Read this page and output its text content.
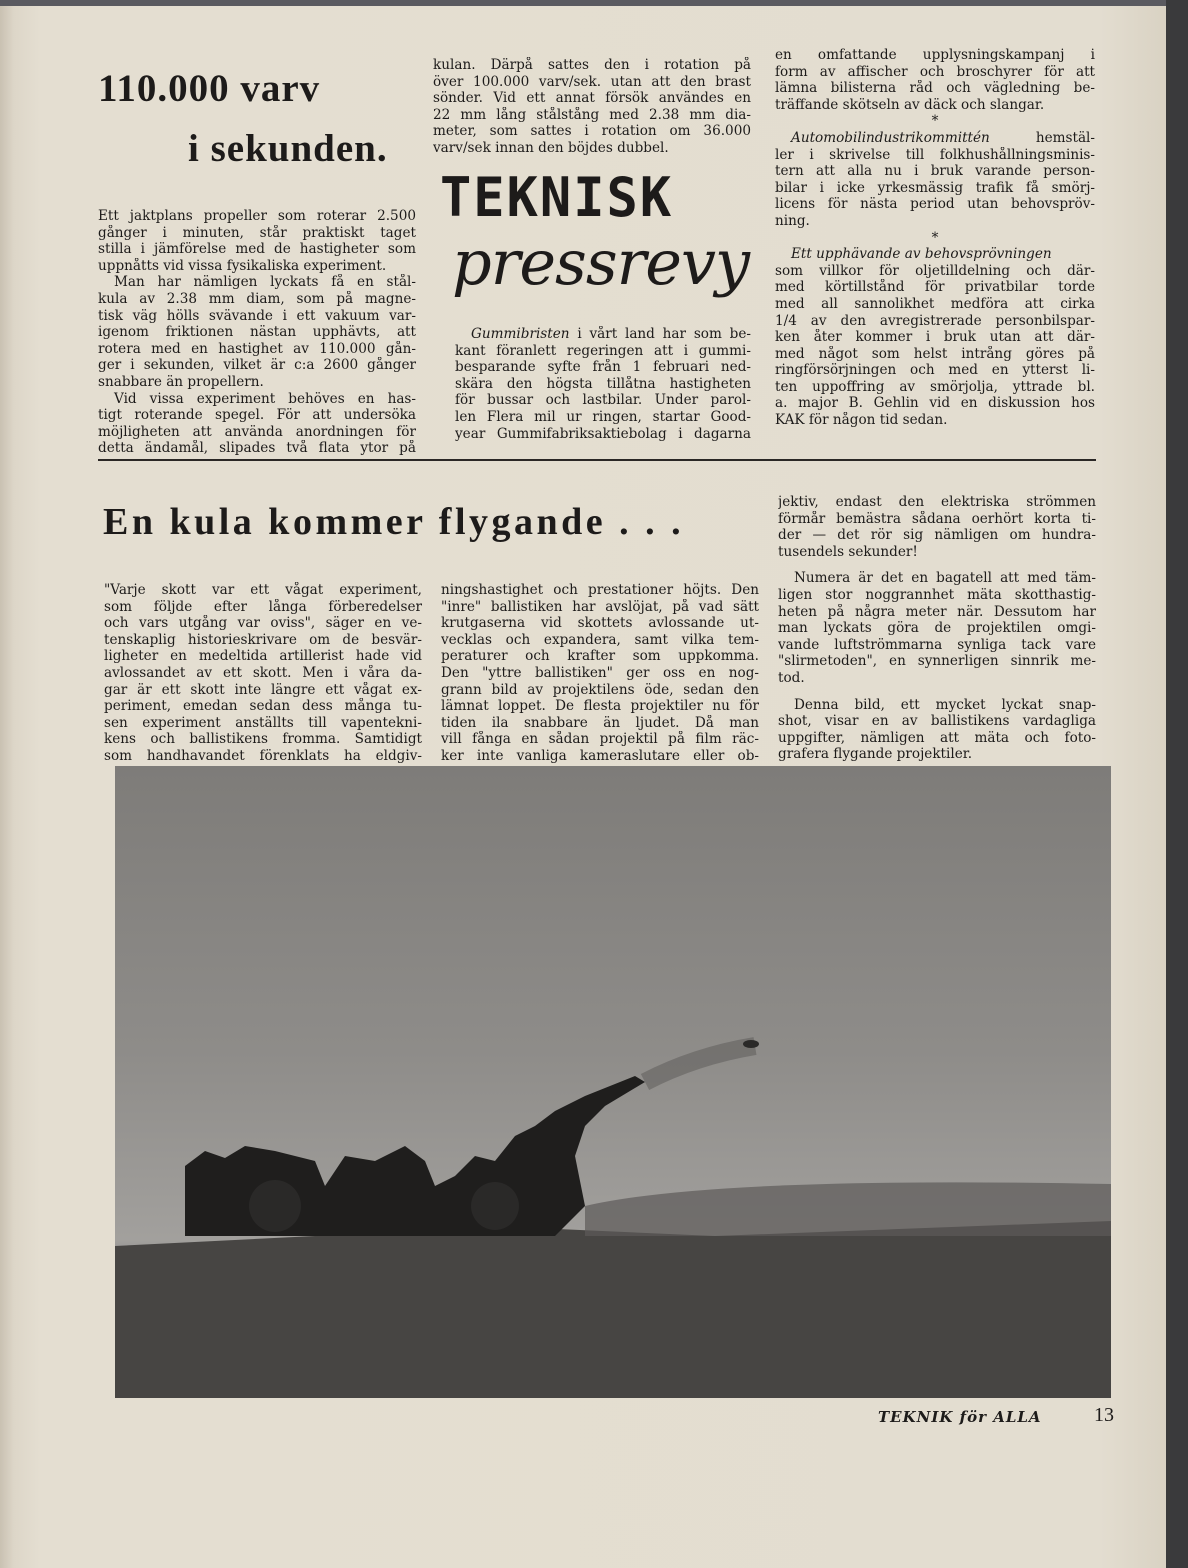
110.000 varv
i sekunden.
Ett jaktplans propeller som roterar 2.500
gånger i minuten, står praktiskt taget
stilla i jämförelse med de hastigheter som
uppnåtts vid vissa fysikaliska experiment.
Man har nämligen lyckats få en stål-
kula av 2.38 mm diam, som på magne-
tisk väg hölls svävande i ett vakuum var-
igenom friktionen nästan upphävts, att
rotera med en hastighet av 110.000 gån-
ger i sekunden, vilket är c:a 2600 gånger
snabbare än propellern.
Vid vissa experiment behöves en has-
tigt roterande spegel. För att undersöka
möjligheten att använda anordningen för
detta ändamål, slipades två flata ytor på
kulan. Därpå sattes den i rotation på
över 100.000 varv/sek. utan att den brast
sönder. Vid ett annat försök användes en
22 mm lång stålstång med 2.38 mm dia-
meter, som sattes i rotation om 36.000
varv/sek innan den böjdes dubbel.
TEKNISK
pressrevy
Gummibristen i vårt land har som be-
kant föranlett regeringen att i gummi-
besparande syfte från 1 februari ned-
skära den högsta tillåtna hastigheten
för bussar och lastbilar. Under parol-
len Flera mil ur ringen, startar Good-
year Gummifabriksaktiebolag i dagarna
en omfattande upplysningskampanj i
form av affischer och broschyrer för att
lämna bilisterna råd och vägledning be-
träffande skötseln av däck och slangar.
*
Automobilindustrikommittén hemstäl-
ler i skrivelse till folkhushållningsminis-
tern att alla nu i bruk varande person-
bilar i icke yrkesmässig trafik få smörj-
licens för nästa period utan behovspröv-
ning.
*
Ett upphävande av behovsprövningen
som villkor för oljetilldelning och där-
med körtillstånd för privatbilar torde
med all sannolikhet medföra att cirka
1/4 av den avregistrerade personbilspar-
ken åter kommer i bruk utan att där-
med något som helst intrång göres på
ringförsörjningen och med en ytterst li-
ten uppoffring av smörjolja, yttrade bl.
a. major B. Gehlin vid en diskussion hos
KAK för någon tid sedan.
En kula kommer flygande . . .
"Varje skott var ett vågat experiment,
som följde efter långa förberedelser
och vars utgång var oviss", säger en ve-
tenskaplig historieskrivare om de besvär-
ligheter en medeltida artillerist hade vid
avlossandet av ett skott. Men i våra da-
gar är ett skott inte längre ett vågat ex-
periment, emedan sedan dess många tu-
sen experiment anställts till vapentekni-
kens och ballistikens fromma. Samtidigt
som handhavandet förenklats ha eldgiv-
ningshastighet och prestationer höjts. Den
"inre" ballistiken har avslöjat, på vad sätt
krutgaserna vid skottets avlossande ut-
vecklas och expandera, samt vilka tem-
peraturer och krafter som uppkomma.
Den "yttre ballistiken" ger oss en nog-
grann bild av projektilens öde, sedan den
lämnat loppet. De flesta projektiler nu för
tiden ila snabbare än ljudet. Då man
vill fånga en sådan projektil på film räc-
ker inte vanliga kameraslutare eller ob-
jektiv, endast den elektriska strömmen
förmår bemästra sådana oerhört korta ti-
der — det rör sig nämligen om hundra-
tusendels sekunder!
Numera är det en bagatell att med täm-
ligen stor noggrannhet mäta skotthastig-
heten på några meter när. Dessutom har
man lyckats göra de projektilen omgi-
vande luftströmmarna synliga tack vare
"slirmetoden", en synnerligen sinnrik me-
tod.
Denna bild, ett mycket lyckat snap-
shot, visar en av ballistikens vardagliga
uppgifter, nämligen att mäta och foto-
grafera flygande projektiler.
TEKNIK för ALLA	13
